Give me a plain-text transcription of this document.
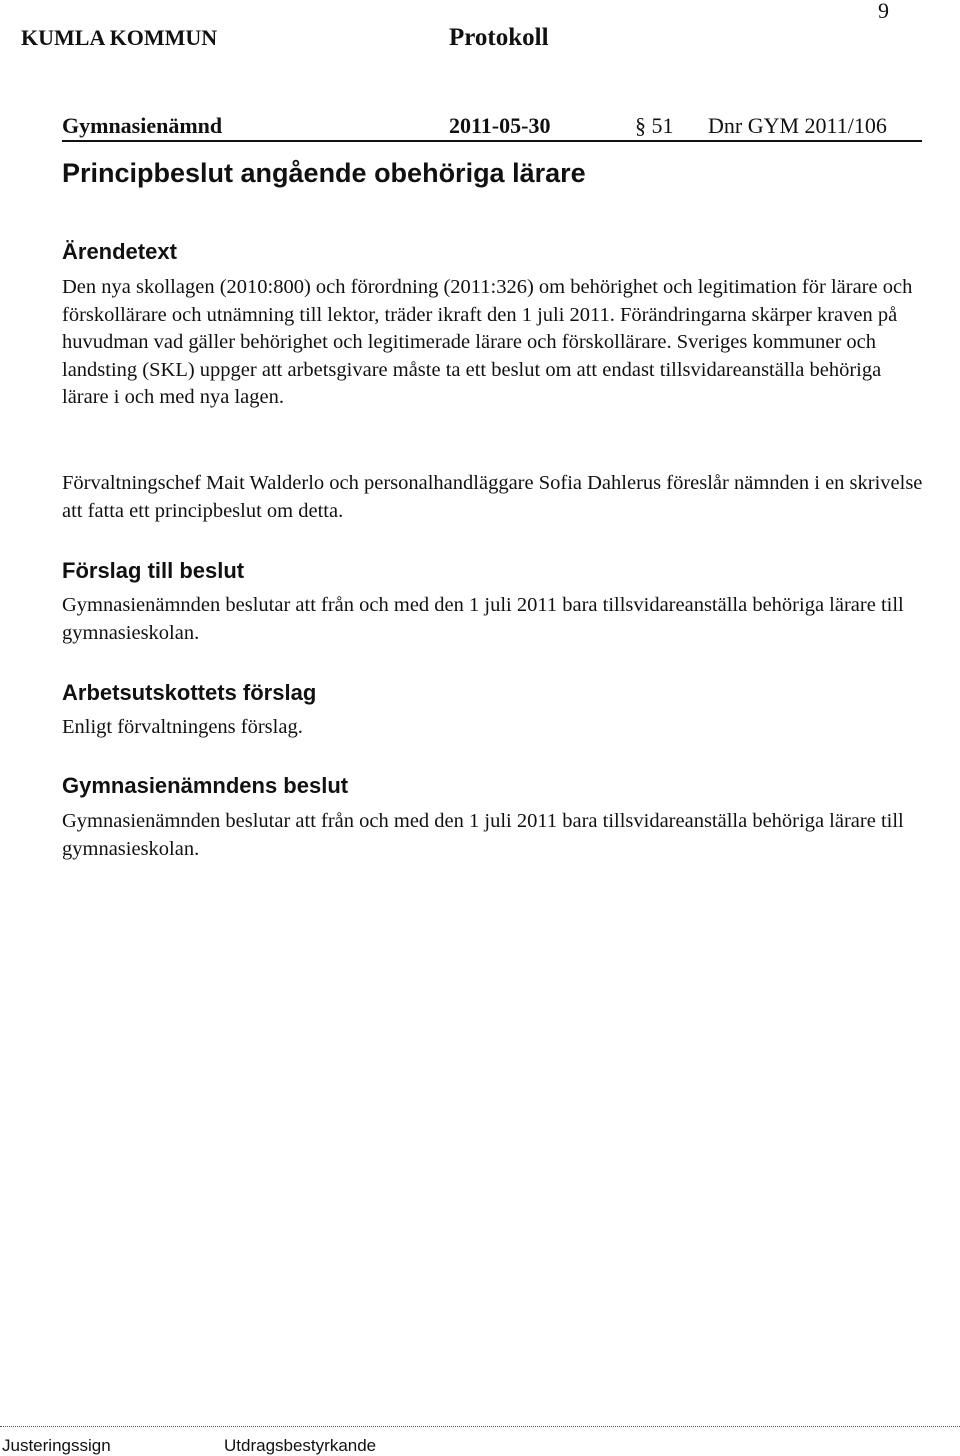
9
KUMLA KOMMUN	Protokoll
Gymnasienämnd	2011-05-30	§ 51 Dnr GYM 2011/106
Principbeslut angående obehöriga lärare
Ärendetext

Den nya skollagen (2010:800) och förordning (2011:326) om behörighet och legitimation för lärare och förskollärare och utnämning till lektor, träder ikraft den 1 juli 2011. Förändringarna skärper kraven på huvudman vad gäller behörighet och legitimerade lärare och förskollärare. Sveriges kommuner och landsting (SKL) uppger att arbetsgivare måste ta ett beslut om att endast tillsvidareanställa behöriga lärare i och med nya lagen.

Förvaltningschef Mait Walderlo och personalhandläggare Sofia Dahlerus föreslår nämnden i en skrivelse att fatta ett principbeslut om detta.

Förslag till beslut

Gymnasienämnden beslutar att från och med den 1 juli 2011 bara tillsvidareanställa behöriga lärare till gymnasieskolan.

Arbetsutskottets förslag

Enligt förvaltningens förslag.

Gymnasienämndens beslut

Gymnasienämnden beslutar att från och med den 1 juli 2011 bara tillsvidareanställa behöriga lärare till gymnasieskolan.

Justeringssign	Utdragsbestyrkande
